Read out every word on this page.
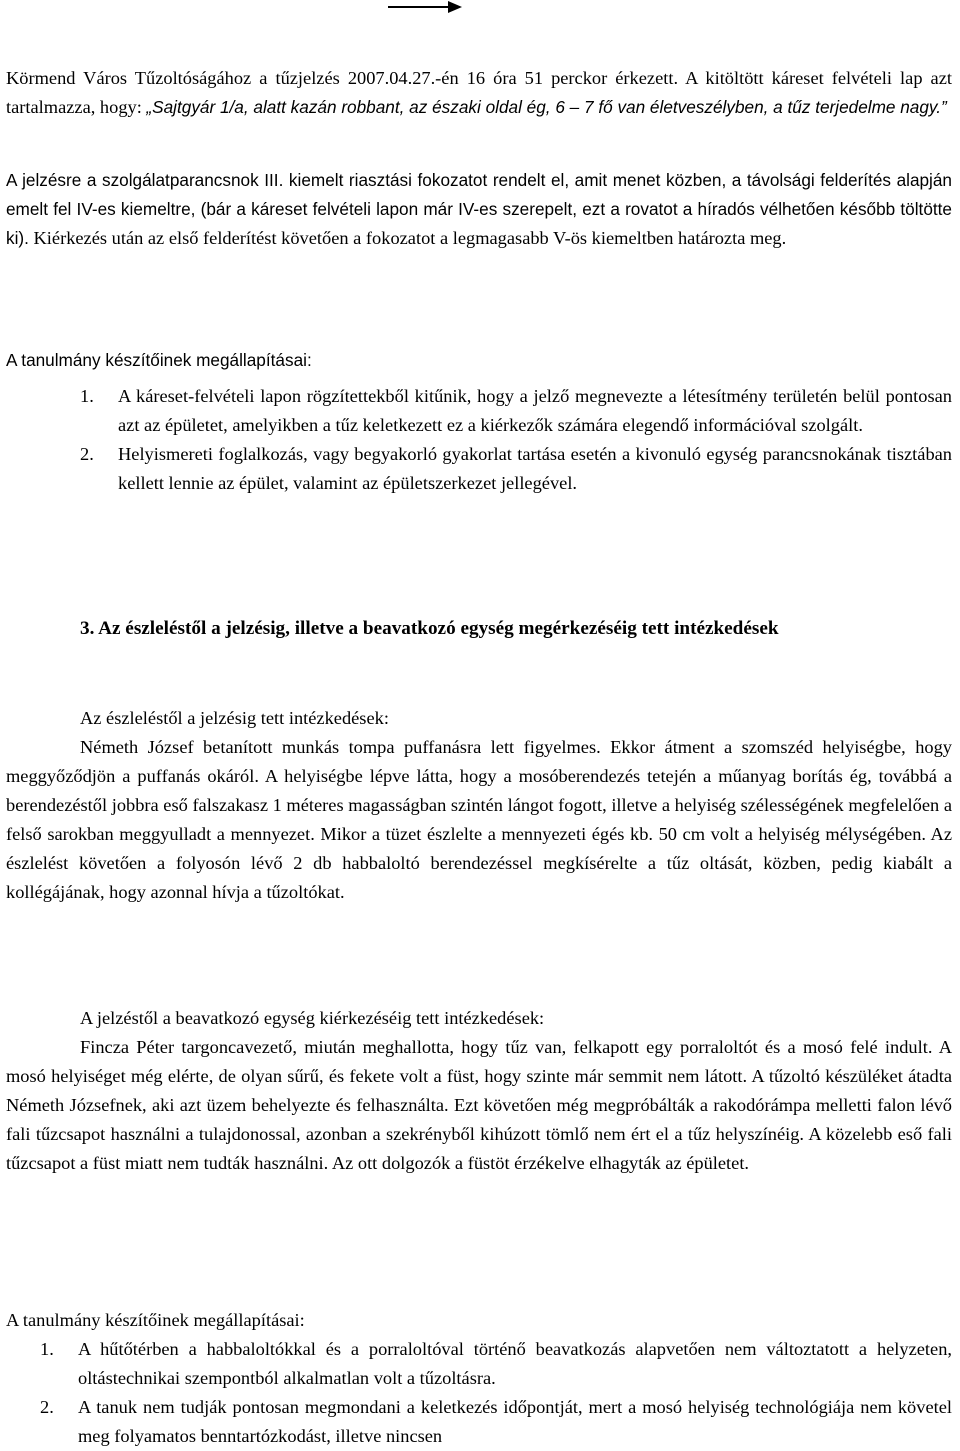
Körmend Város Tűzoltóságához a tűzjelzés 2007.04.27.-én 16 óra 51 perckor érkezett. A kitöltött káreset felvételi lap azt tartalmazza, hogy: „Sajtgyár 1/a, alatt kazán robbant, az északi oldal ég, 6 – 7 fő van életveszélyben, a tűz terjedelme nagy.”

A jelzésre a szolgálatparancsnok III. kiemelt riasztási fokozatot rendelt el, amit menet közben, a távolsági felderítés alapján emelt fel IV-es kiemeltre, (bár a káreset felvételi lapon már IV-es szerepelt, ezt a rovatot a híradós vélhetően később töltötte ki). Kiérkezés után az első felderítést követően a fokozatot a legmagasabb V-ös kiemeltben határozta meg.

A tanulmány készítőinek megállapításai:

1.	A káreset-felvételi lapon rögzítettekből kitűnik, hogy a jelző megnevezte a létesítmény területén belül pontosan azt az épületet, amelyikben a tűz keletkezett ez a kiérkezők számára elegendő információval szolgált.
2.	Helyismereti foglalkozás, vagy begyakorló gyakorlat tartása esetén a kivonuló egység parancsnokának tisztában kellett lennie az épület, valamint az épületszerkezet jellegével.
3. Az észleléstől a jelzésig, illetve a beavatkozó egység megérkezéséig tett intézkedések

Az észleléstől a jelzésig tett intézkedések:

Németh József betanított munkás tompa puffanásra lett figyelmes. Ekkor átment a szomszéd helyiségbe, hogy meggyőződjön a puffanás okáról. A helyiségbe lépve látta, hogy a mosóberendezés tetején a műanyag borítás ég, továbbá a berendezéstől jobbra eső falszakasz 1 méteres magasságban szintén lángot fogott, illetve a helyiség szélességének megfelelően a felső sarokban meggyulladt a mennyezet. Mikor a tüzet észlelte a mennyezeti égés kb. 50 cm volt a helyiség mélységében. Az észlelést követően a folyosón lévő 2 db habbaloltó berendezéssel megkísérelte a tűz oltását, közben, pedig kiabált a kollégájának, hogy azonnal hívja a tűzoltókat.

A jelzéstől a beavatkozó egység kiérkezéséig tett intézkedések:

Fincza Péter targoncavezető, miután meghallotta, hogy tűz van, felkapott egy porraloltót és a mosó felé indult. A mosó helyiséget még elérte, de olyan sűrű, és fekete volt a füst, hogy szinte már semmit nem látott. A tűzoltó készüléket átadta Németh Józsefnek, aki azt üzem behelyezte és felhasználta. Ezt követően még megpróbálták a rakodórámpa melletti falon lévő fali tűzcsapot használni a tulajdonossal, azonban a szekrényből kihúzott tömlő nem ért el a tűz helyszínéig. A közelebb eső fali tűzcsapot a füst miatt nem tudták használni. Az ott dolgozók a füstöt érzékelve elhagyták az épületet.

A tanulmány készítőinek megállapításai:

1.	A hűtőtérben a habbaloltókkal és a porraloltóval történő beavatkozás alapvetően nem változtatott a helyzeten, oltástechnikai szempontból alkalmatlan volt a tűzoltásra.
2.	A tanuk nem tudják pontosan megmondani a keletkezés időpontját, mert a mosó helyiség technológiája nem követel meg folyamatos benntartózkodást, illetve nincsen
